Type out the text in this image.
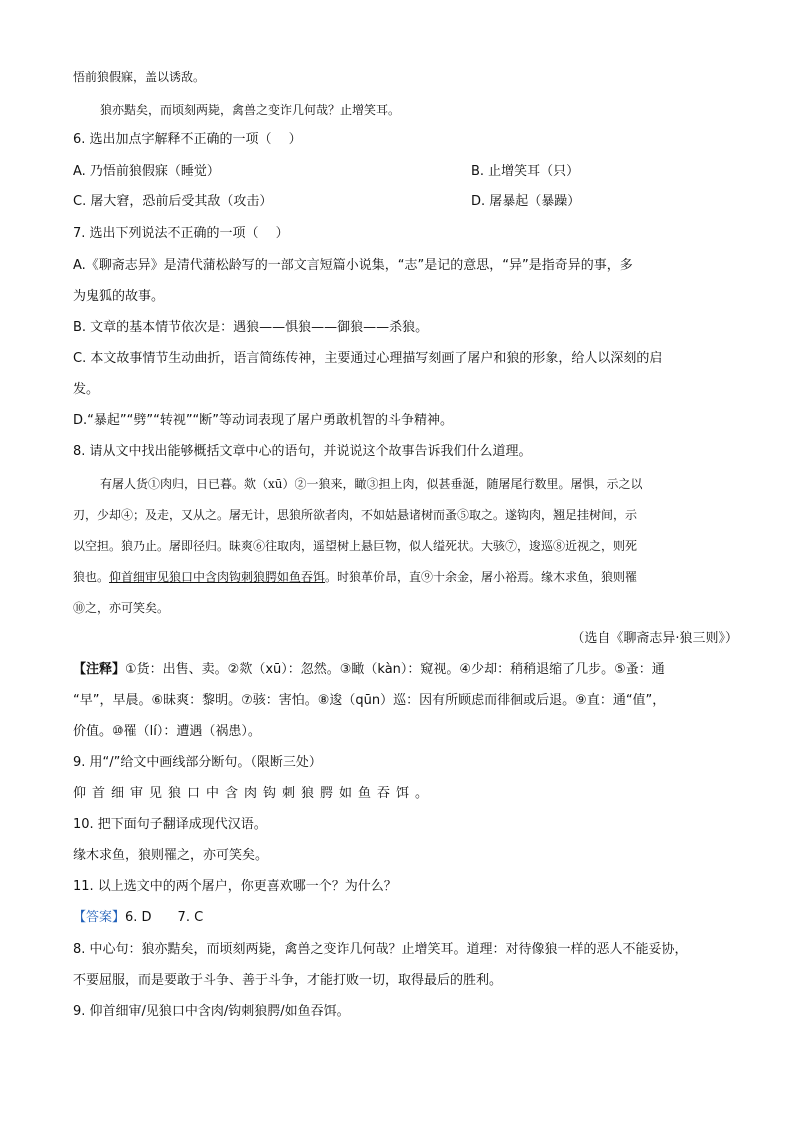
悟前狼假寐，盖以诱敌。
狼亦黠矣，而顷刻两毙，禽兽之变诈几何哉？止增笑耳。
6. 选出加点字解释不正确的一项（　 ）
A. 乃悟前狼假寐（睡觉）	B. 止增笑耳（只）
C. 屠大窘，恐前后受其敌（攻击）	D. 屠暴起（暴躁）
7. 选出下列说法不正确的一项（　 ）
A.《聊斋志异》是清代蒲松龄写的一部文言短篇小说集，“志”是记的意思，“异”是指奇异的事，多
为鬼狐的故事。
B. 文章的基本情节依次是：遇狼——惧狼——御狼——杀狼。
C. 本文故事情节生动曲折，语言简练传神，主要通过心理描写刻画了屠户和狼的形象，给人以深刻的启
发。
D.“暴起”“劈”“转视”“断”等动词表现了屠户勇敢机智的斗争精神。
8. 请从文中找出能够概括文章中心的语句，并说说这个故事告诉我们什么道理。
有屠人货①肉归，日已暮。欻（xū）②一狼来，瞰③担上肉，似甚垂涎，随屠尾行数里。屠惧，示之以
刃，少却④；及走，又从之。屠无计，思狼所欲者肉，不如姑悬诸树而蚤⑤取之。遂钩肉，翘足挂树间，示
以空担。狼乃止。屠即径归。昧爽⑥往取肉，遥望树上悬巨物，似人缢死状。大骇⑦，逡巡⑧近视之，则死
狼也。仰首细审见狼口中含肉钩刺狼腭如鱼吞饵。时狼革价昂，直⑨十余金，屠小裕焉。缘木求鱼，狼则罹
⑩之，亦可笑矣。
（选自《聊斋志异·狼三则》）
【注释】①货：出售、卖。②欻（xū）：忽然。③瞰（kàn）：窥视。④少却：稍稍退缩了几步。⑤蚤：通
“早”，早晨。⑥昧爽：黎明。⑦骇：害怕。⑧逡（qūn）巡：因有所顾虑而徘徊或后退。⑨直：通“值”，
价值。⑩罹（lí）：遭遇（祸患）。
9. 用“/”给文中画线部分断句。（限断三处）
仰首细审见狼口中含肉钩刺狼腭如鱼吞饵。
10. 把下面句子翻译成现代汉语。
缘木求鱼，狼则罹之，亦可笑矣。
11. 以上选文中的两个屠户，你更喜欢哪一个？为什么？
【答案】6. D　　7. C
8. 中心句：狼亦黠矣，而顷刻两毙，禽兽之变诈几何哉？止增笑耳。道理：对待像狼一样的恶人不能妥协，
不要屈服，而是要敢于斗争、善于斗争，才能打败一切，取得最后的胜利。
9. 仰首细审/见狼口中含肉/钩刺狼腭/如鱼吞饵。
